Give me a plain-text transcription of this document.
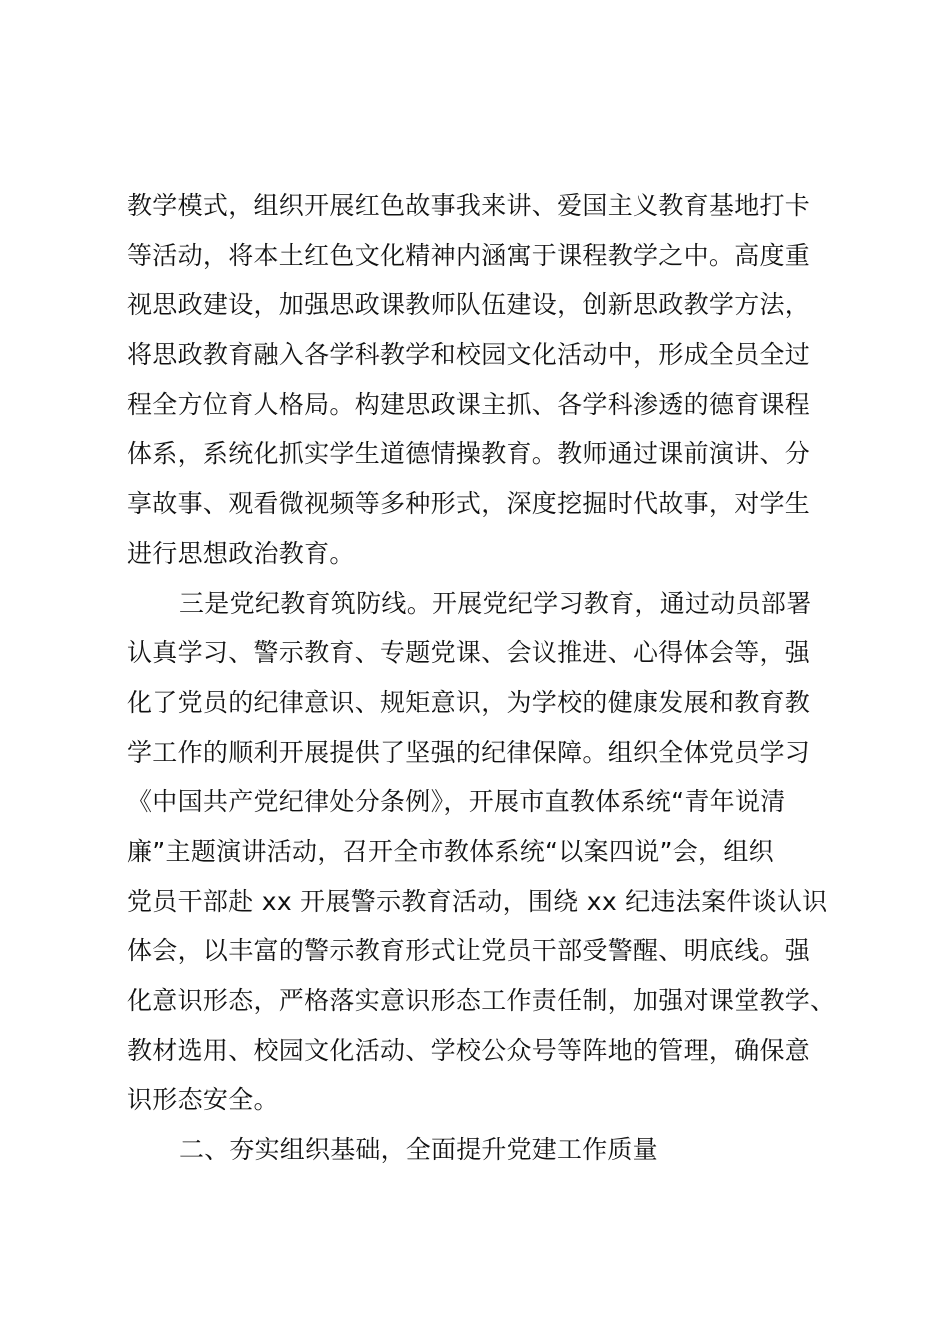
教学模式，组织开展红色故事我来讲、爱国主义教育基地打卡
等活动，将本土红色文化精神内涵寓于课程教学之中。高度重
视思政建设，加强思政课教师队伍建设，创新思政教学方法，
将思政教育融入各学科教学和校园文化活动中，形成全员全过
程全方位育人格局。构建思政课主抓、各学科渗透的德育课程
体系，系统化抓实学生道德情操教育。教师通过课前演讲、分
享故事、观看微视频等多种形式，深度挖掘时代故事，对学生
进行思想政治教育。
三是党纪教育筑防线。开展党纪学习教育，通过动员部署
认真学习、警示教育、专题党课、会议推进、心得体会等，强
化了党员的纪律意识、规矩意识，为学校的健康发展和教育教
学工作的顺利开展提供了坚强的纪律保障。组织全体党员学习
《中国共产党纪律处分条例》，开展市直教体系统“青年说清
廉”主题演讲活动，召开全市教体系统“以案四说”会，组织
党员干部赴 xx 开展警示教育活动，围绕 xx 纪违法案件谈认识
体会，以丰富的警示教育形式让党员干部受警醒、明底线。强
化意识形态，严格落实意识形态工作责任制，加强对课堂教学、
教材选用、校园文化活动、学校公众号等阵地的管理，确保意
识形态安全。
二、夯实组织基础，全面提升党建工作质量
